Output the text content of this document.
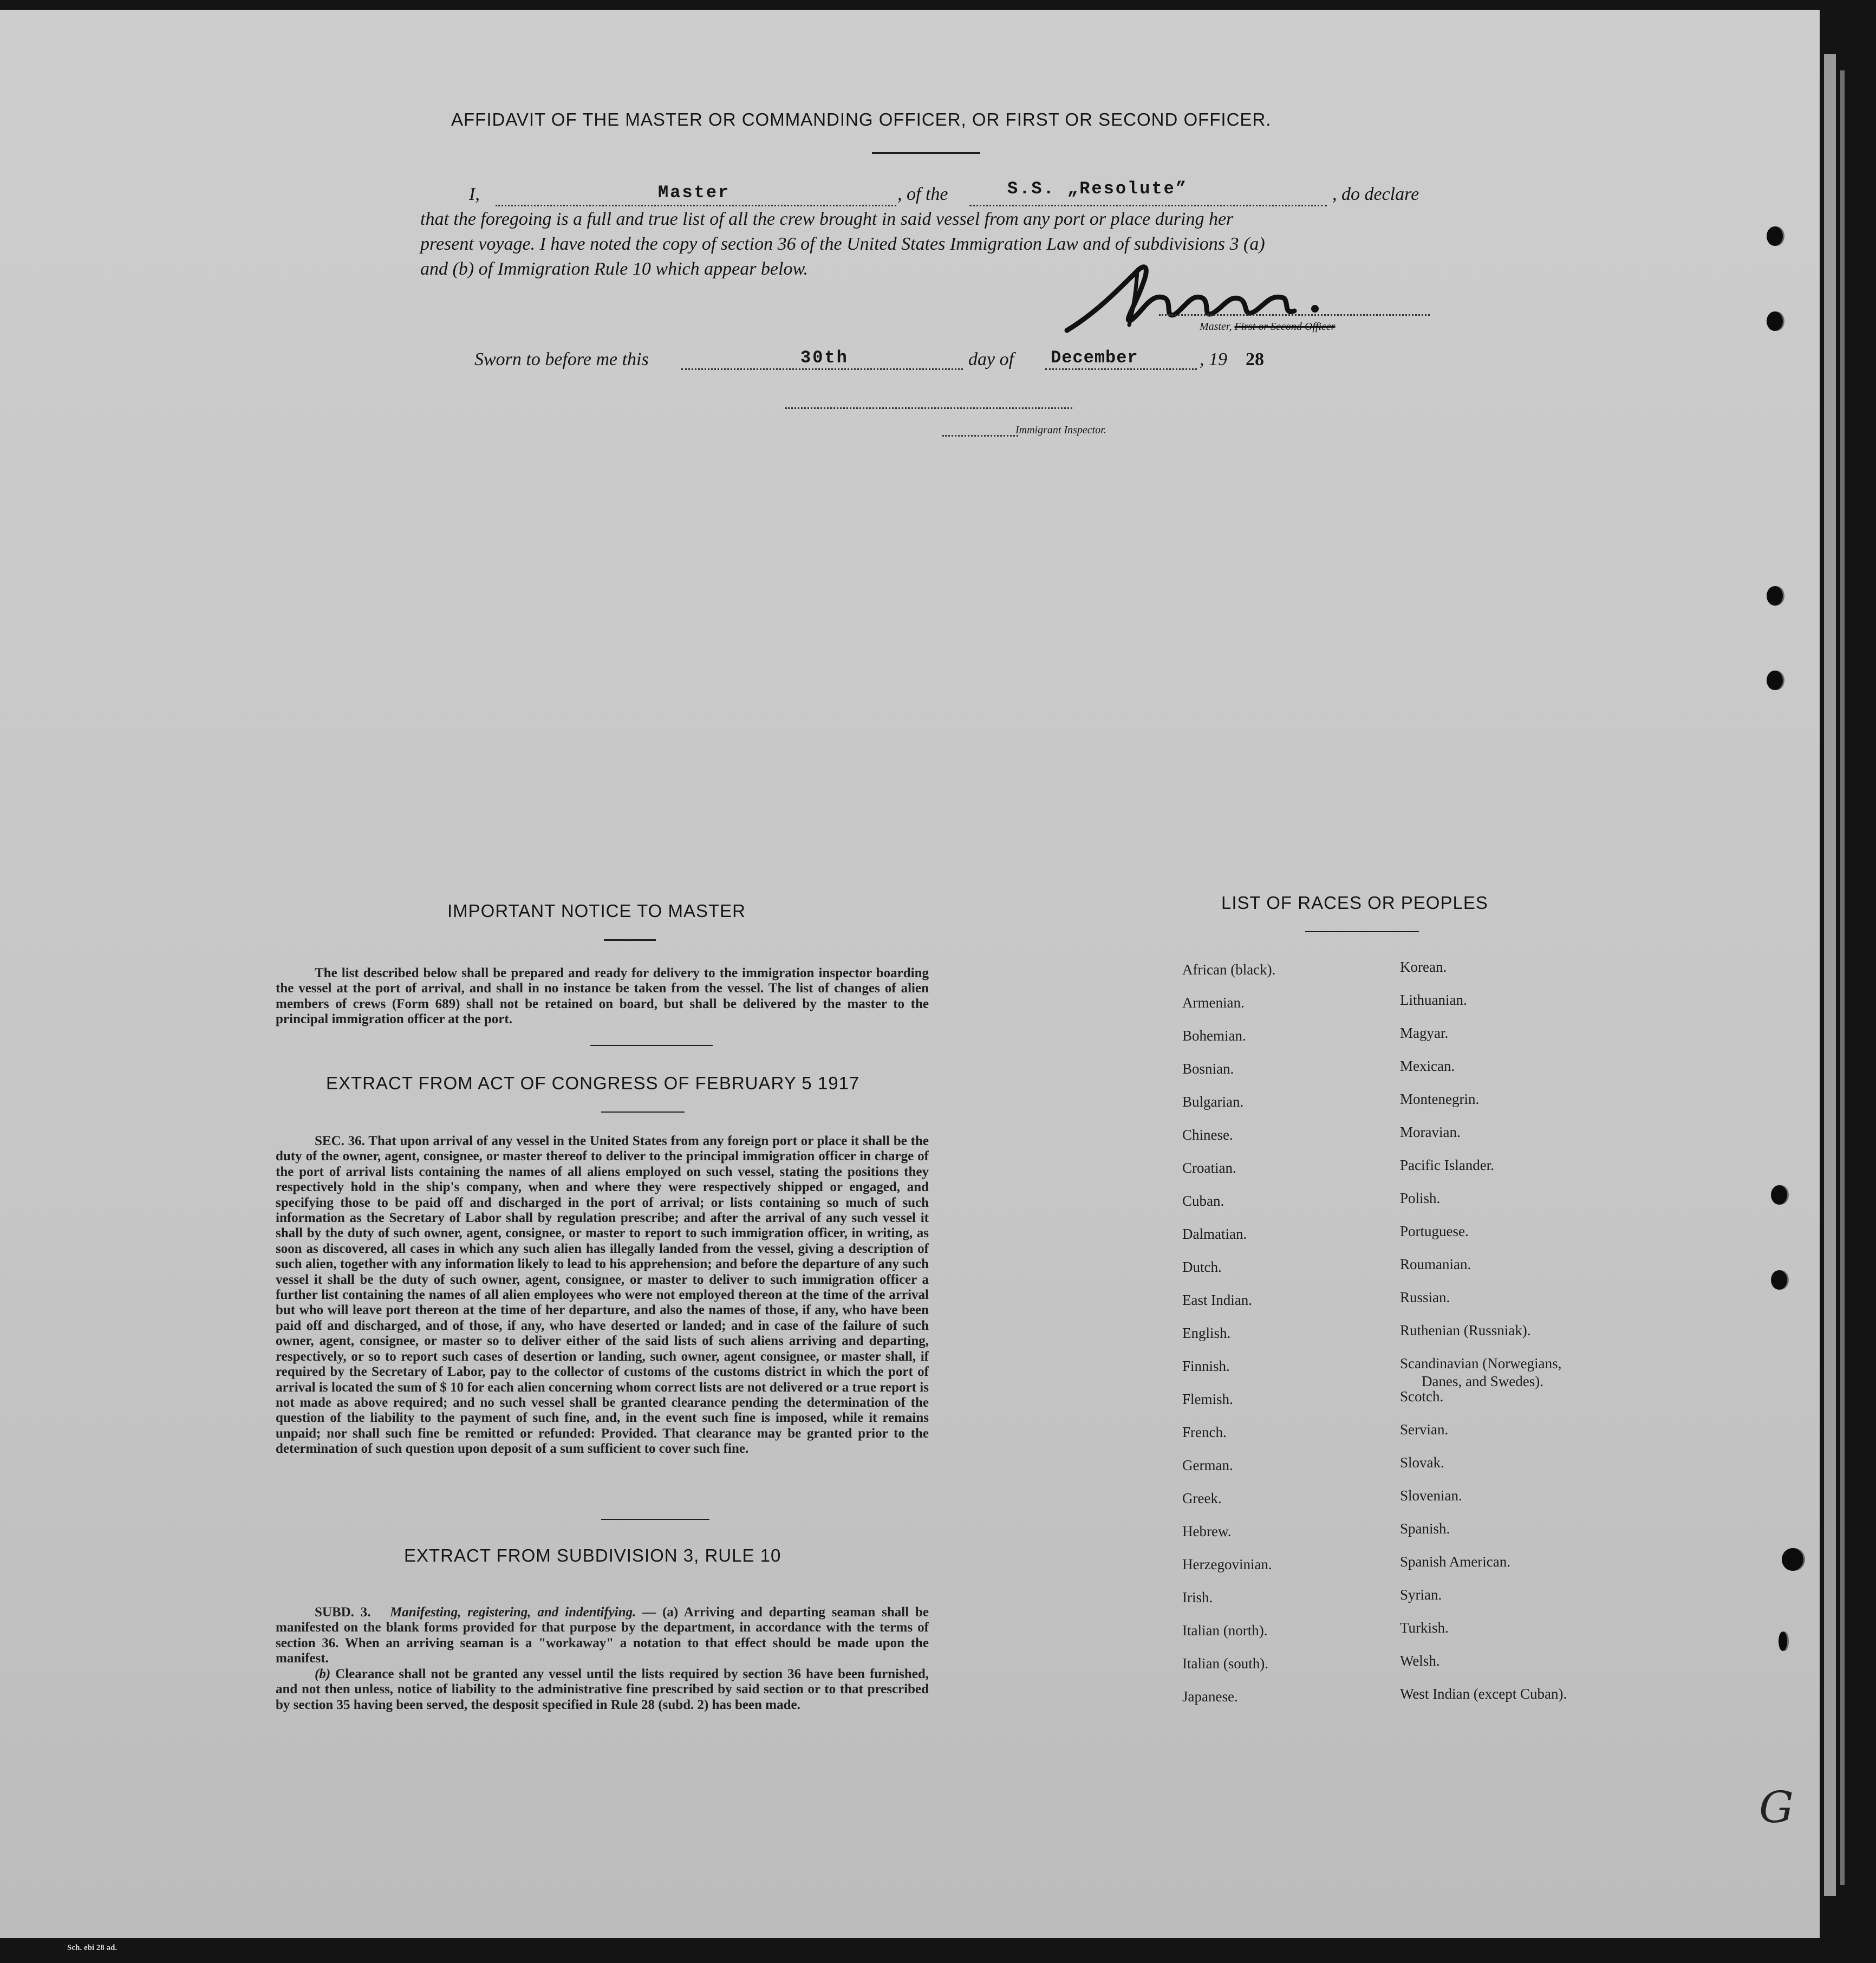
AFFIDAVIT OF THE MASTER OR COMMANDING OFFICER, OR FIRST OR SECOND OFFICER.
I,	Master	, of the	S.S. „Resolute”	, do declare
that the foregoing is a full and true list of all the crew brought in said vessel from any port or place during her
present voyage. I have noted the copy of section 36 of the United States Immigration Law and of subdivisions 3 (a)
and (b) of Immigration Rule 10 which appear below.
Master, First or Second Officer
Sworn to before me this	30th	day of December	, 19 28
Immigrant Inspector.
IMPORTANT NOTICE TO MASTER
The list described below shall be prepared and ready for delivery to the immigration inspector boarding the vessel at the port of arrival, and shall in no instance be taken from the vessel. The list of changes of alien members of crews (Form 689) shall not be retained on board, but shall be delivered by the master to the principal immigration officer at the port.
EXTRACT FROM ACT OF CONGRESS OF FEBRUARY 5 1917
SEC. 36. That upon arrival of any vessel in the United States from any foreign port or place it shall be the duty of the owner, agent, consignee, or master thereof to deliver to the principal immigration officer in charge of the port of arrival lists containing the names of all aliens employed on such vessel, stating the positions they respectively hold in the ship's company, when and where they were respectively shipped or engaged, and specifying those to be paid off and discharged in the port of arrival; or lists containing so much of such information as the Secretary of Labor shall by regulation prescribe; and after the arrival of any such vessel it shall by the duty of such owner, agent, consignee, or master to report to such immigration officer, in writing, as soon as discovered, all cases in which any such alien has illegally landed from the vessel, giving a description of such alien, together with any information likely to lead to his apprehension; and before the departure of any such vessel it shall be the duty of such owner, agent, consignee, or master to deliver to such immigration officer a further list containing the names of all alien employees who were not employed thereon at the time of the arrival but who will leave port thereon at the time of her departure, and also the names of those, if any, who have been paid off and discharged, and of those, if any, who have deserted or landed; and in case of the failure of such owner, agent, consignee, or master so to deliver either of the said lists of such aliens arriving and departing, respectively, or so to report such cases of desertion or landing, such owner, agent consignee, or master shall, if required by the Secretary of Labor, pay to the collector of customs of the customs district in which the port of arrival is located the sum of $ 10 for each alien concerning whom correct lists are not delivered or a true report is not made as above required; and no such vessel shall be granted clearance pending the determination of the question of the liability to the payment of such fine, and, in the event such fine is imposed, while it remains unpaid; nor shall such fine be remitted or refunded: Provided. That clearance may be granted prior to the determination of such question upon deposit of a sum sufficient to cover such fine.
EXTRACT FROM SUBDIVISION 3, RULE 10
SUBD. 3. Manifesting, registering, and indentifying. — (a) Arriving and departing seaman shall be manifested on the blank forms provided for that purpose by the department, in accordance with the terms of section 36. When an arriving seaman is a "workaway" a notation to that effect should be made upon the manifest.
(b) Clearance shall not be granted any vessel until the lists required by section 36 have been furnished, and not then unless, notice of liability to the administrative fine prescribed by said section or to that prescribed by section 35 having been served, the desposit specified in Rule 28 (subd. 2) has been made.
LIST OF RACES OR PEOPLES
African (black).
Armenian.
Bohemian.
Bosnian.
Bulgarian.
Chinese.
Croatian.
Cuban.
Dalmatian.
Dutch.
East Indian.
English.
Finnish.
Flemish.
French.
German.
Greek.
Hebrew.
Herzegovinian.
Irish.
Italian (north).
Italian (south).
Japanese.
Korean.
Lithuanian.
Magyar.
Mexican.
Montenegrin.
Moravian.
Pacific Islander.
Polish.
Portuguese.
Roumanian.
Russian.
Ruthenian (Russniak).
Scandinavian (Norwegians,
Danes, and Swedes).
Scotch.
Servian.
Slovak.
Slovenian.
Spanish.
Spanish American.
Syrian.
Turkish.
Welsh.
West Indian (except Cuban).
Sch. ebi 28 ad.
G
